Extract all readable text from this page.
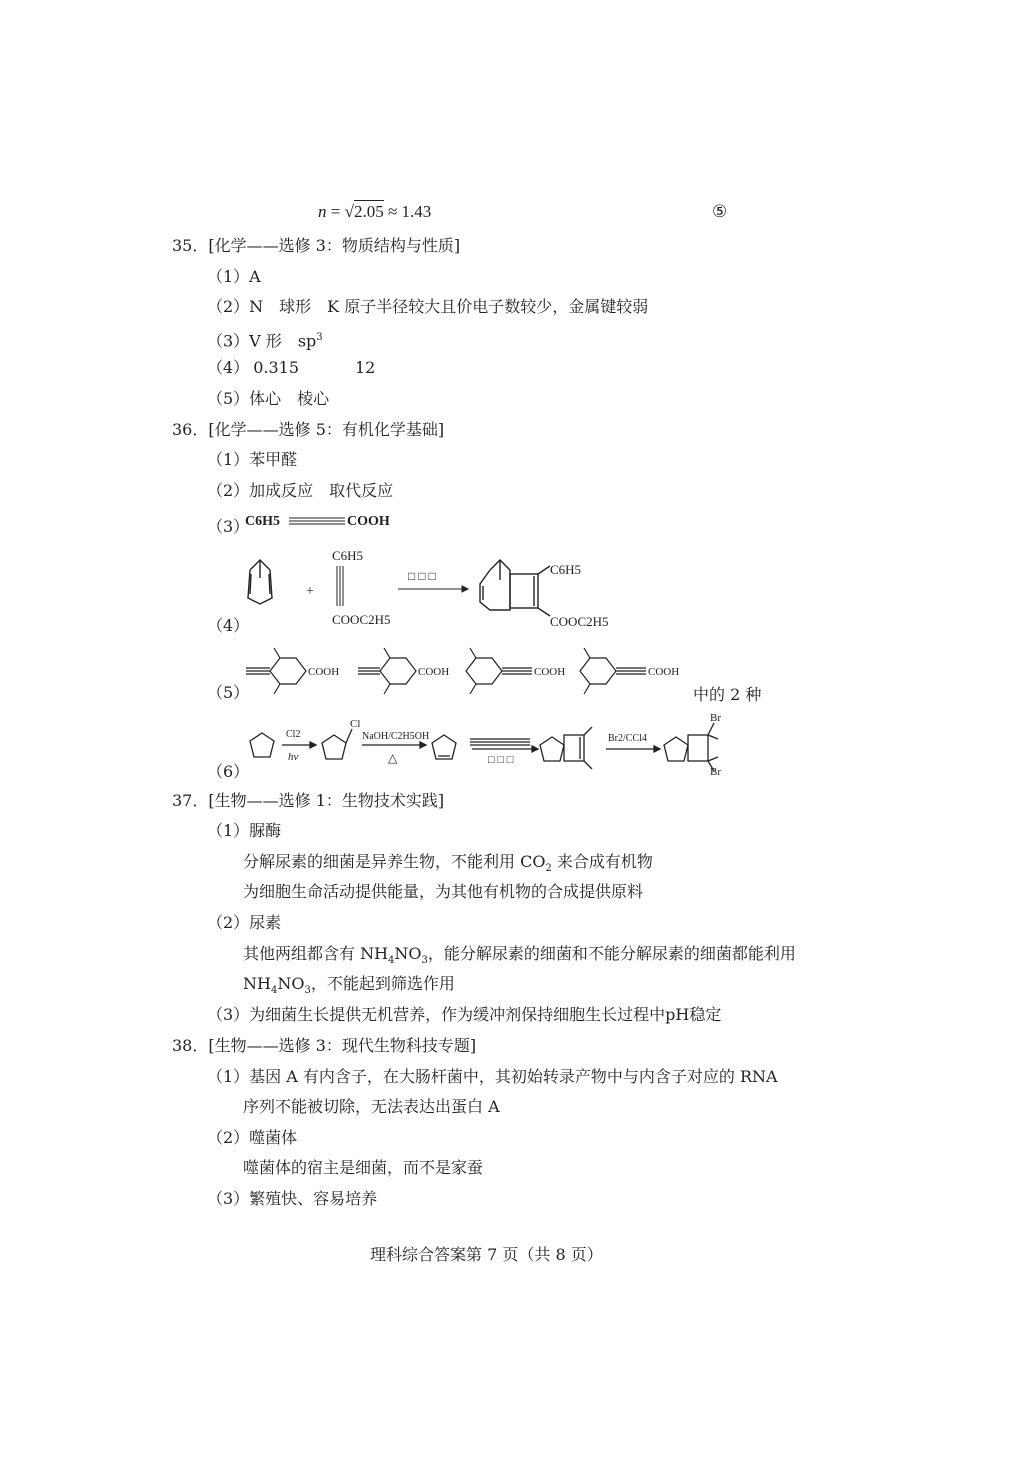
n = √2.05 ≈ 1.43	⑤
35．[化学——选修 3：物质结构与性质]
（1）A
（2）N　球形　K 原子半径较大且价电子数较少，金属键较弱
（3）V 形　$sp^3$
（4） 0.315	12
（5）体心　棱心
36．[化学——选修 5：有机化学基础]
（1）苯甲醛
（2）加成反应　取代反应
（3）
C6H5	COOH
（4）
+
C6H5
COOC2H5
□ □ □	C6H5
COOC2H5
（5）
COOH	COOH	COOH	COOH
中的 2 种
（6）
Cl2
hv
Cl
NaOH/C2H5OH
△	□ □ □
Br2/CCl4
Br
Br
37．[生物——选修 1：生物技术实践]
（1）脲酶
分解尿素的细菌是异养生物，不能利用 $CO_2$ 来合成有机物
为细胞生命活动提供能量，为其他有机物的合成提供原料
（2）尿素
其他两组都含有 $NH_4NO_3$，能分解尿素的细菌和不能分解尿素的细菌都能利用
$NH_4NO_3$，不能起到筛选作用
（3）为细菌生长提供无机营养，作为缓冲剂保持细胞生长过程中pH稳定
38．[生物——选修 3：现代生物科技专题]
（1）基因 A 有内含子，在大肠杆菌中，其初始转录产物中与内含子对应的 RNA
序列不能被切除，无法表达出蛋白 A
（2）噬菌体
噬菌体的宿主是细菌，而不是家蚕
（3）繁殖快、容易培养
理科综合答案第 7 页（共 8 页）
